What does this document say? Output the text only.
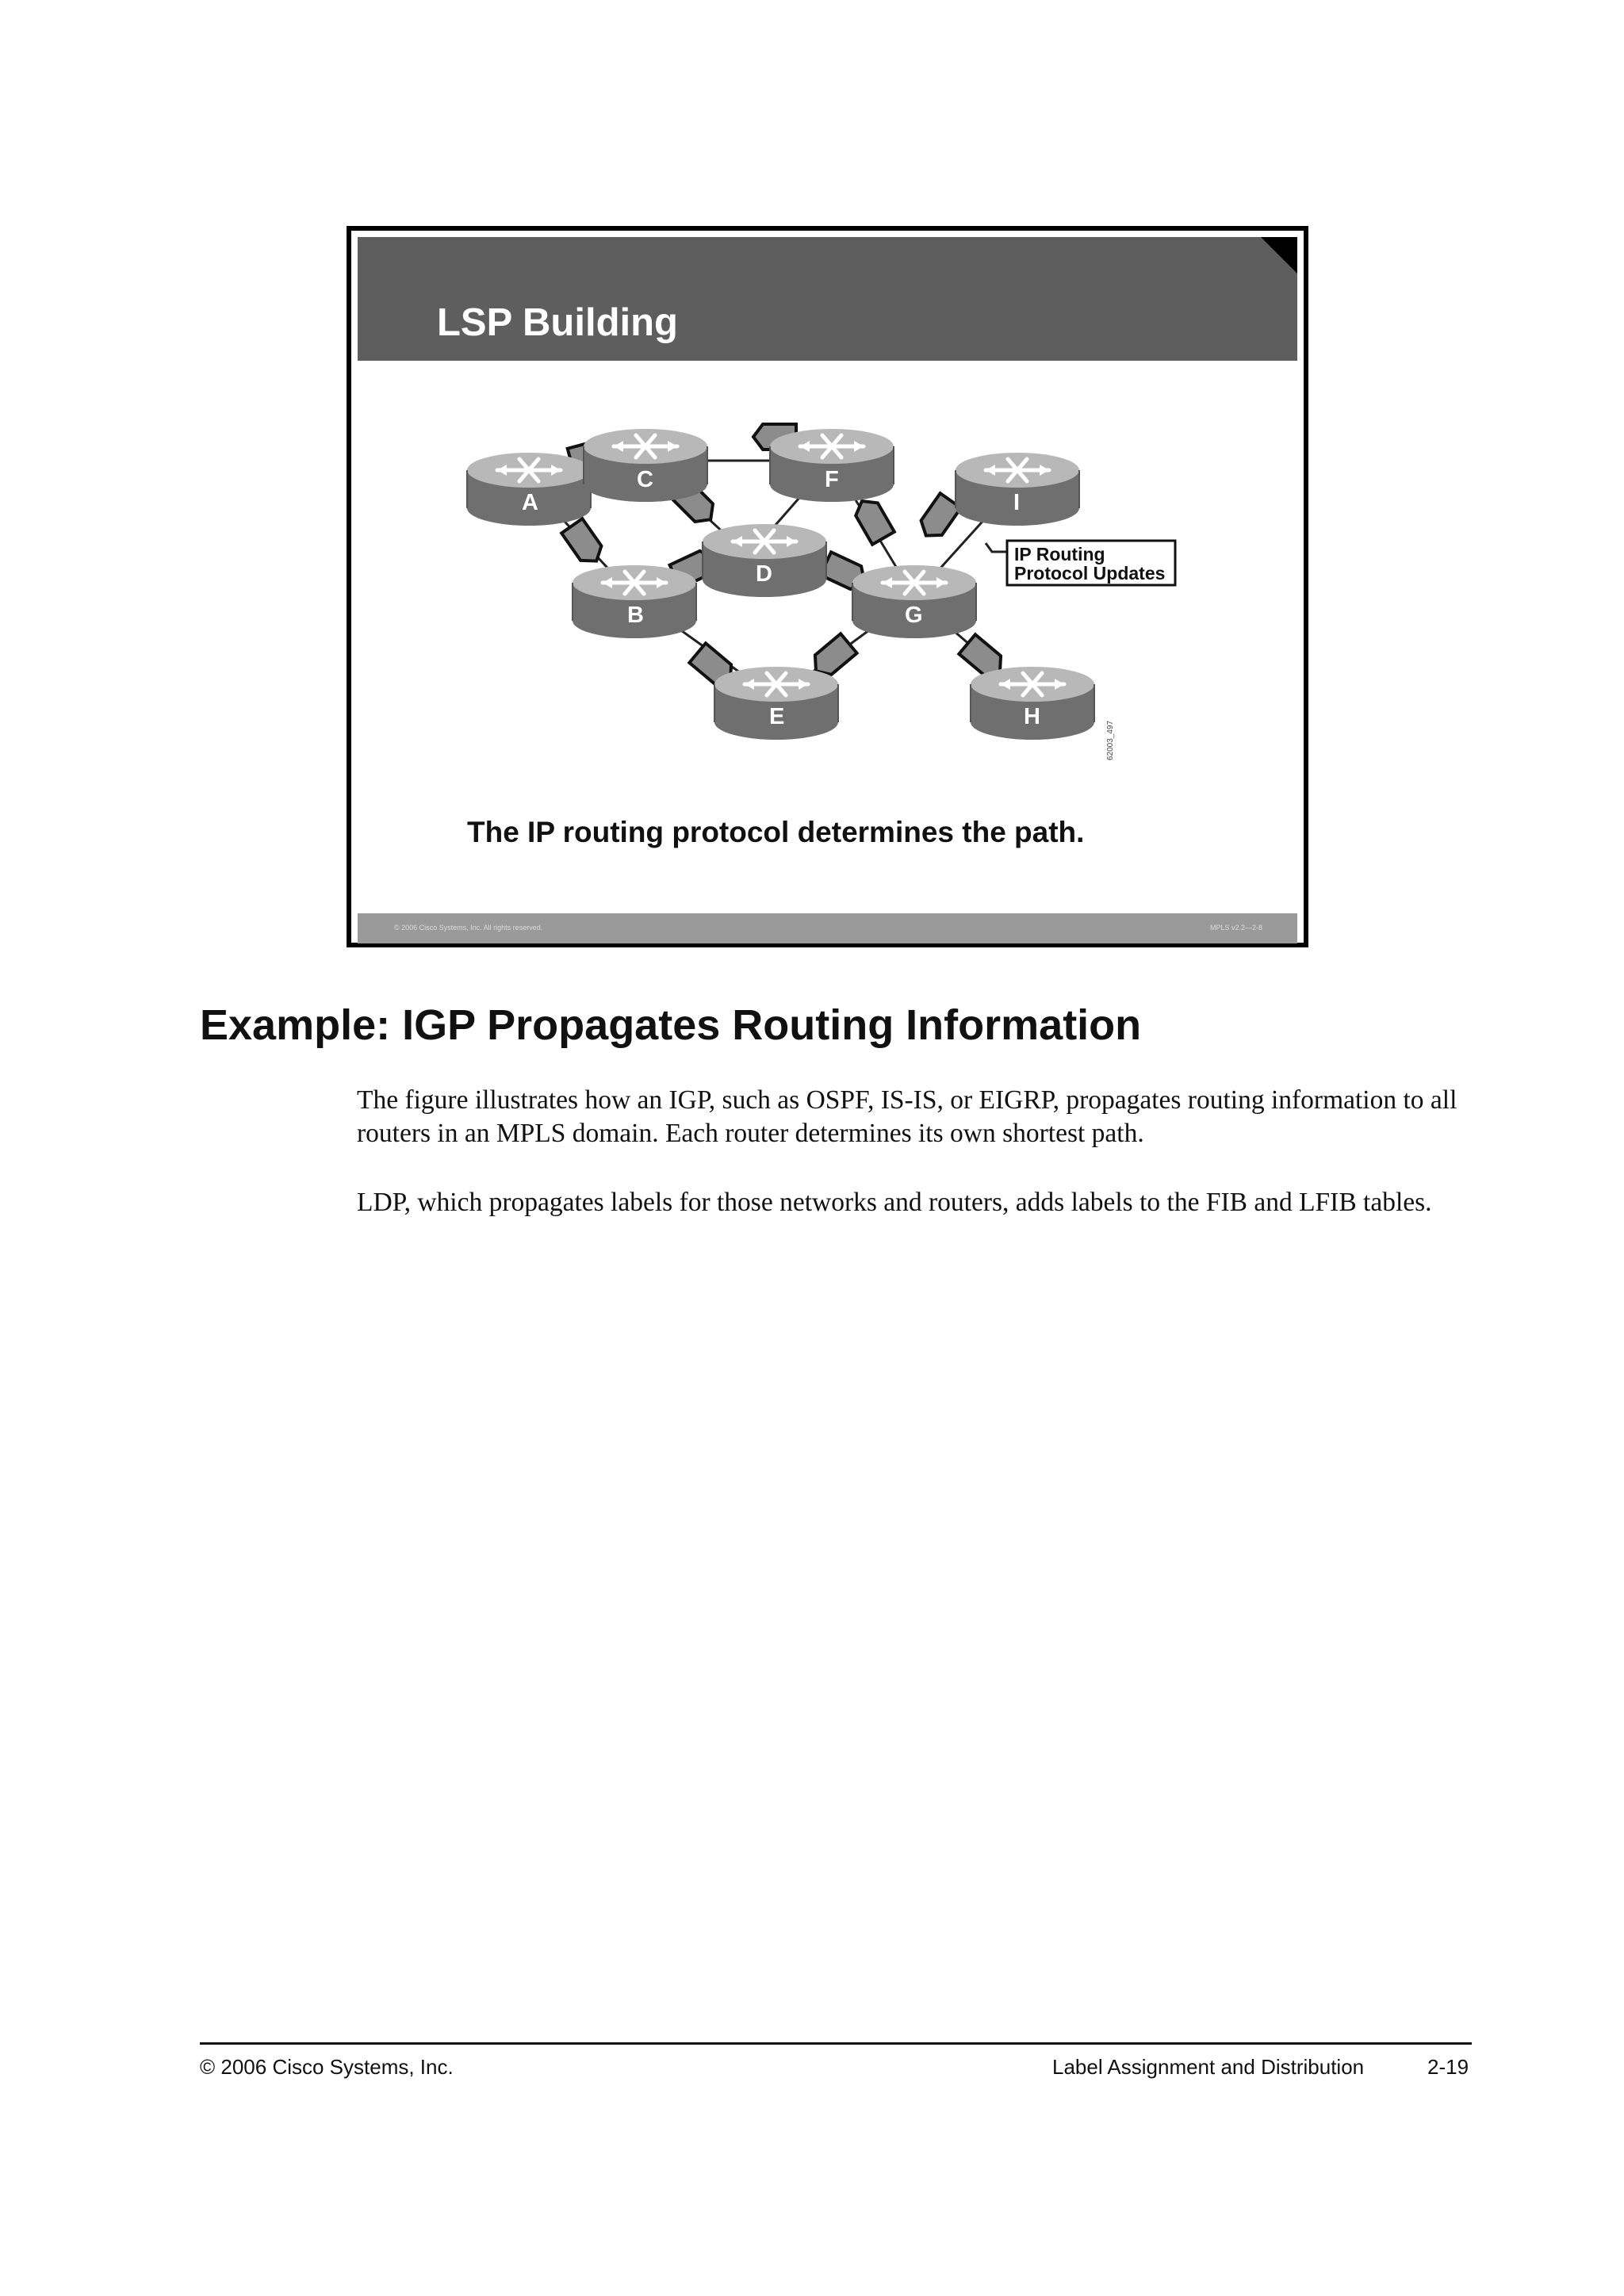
LSP Building
A
C	F
I
D
B	G
E	H
IP Routing
Protocol Updates
62003_497
The IP routing protocol determines the path.
© 2006 Cisco Systems, Inc. All rights reserved.	MPLS v2.2—2-8
Example: IGP Propagates Routing Information
The figure illustrates how an IGP, such as OSPF, IS-IS, or EIGRP, propagates routing information to all routers in an MPLS domain. Each router determines its own shortest path.
LDP, which propagates labels for those networks and routers, adds labels to the FIB and LFIB tables.
© 2006 Cisco Systems, Inc.	Label Assignment and Distribution	2-19
